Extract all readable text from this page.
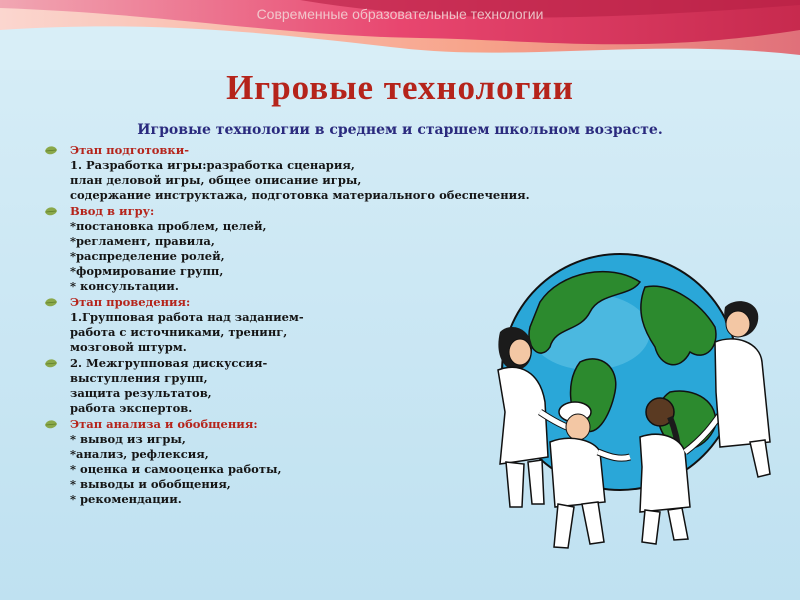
Современные образовательные технологии
Игровые технологии
Игровые технологии в среднем и старшем школьном возрасте.
Этап подготовки-
1. Разработка игры:разработка сценария,
план деловой игры, общее описание игры,
содержание инструктажа, подготовка материального обеспечения.
Ввод в игру:
*постановка проблем, целей,
*регламент, правила,
*распределение ролей,
*формирование групп,
* консультации.
Этап проведения:
1.Групповая работа над заданием-
работа с источниками, тренинг,
мозговой штурм.
2. Межгрупповая дискуссия-
выступления групп,
защита результатов,
работа экспертов.
Этап анализа и обобщения:
* вывод из игры,
*анализ, рефлексия,
* оценка и самооценка работы,
* выводы и обобщения,
* рекомендации.
